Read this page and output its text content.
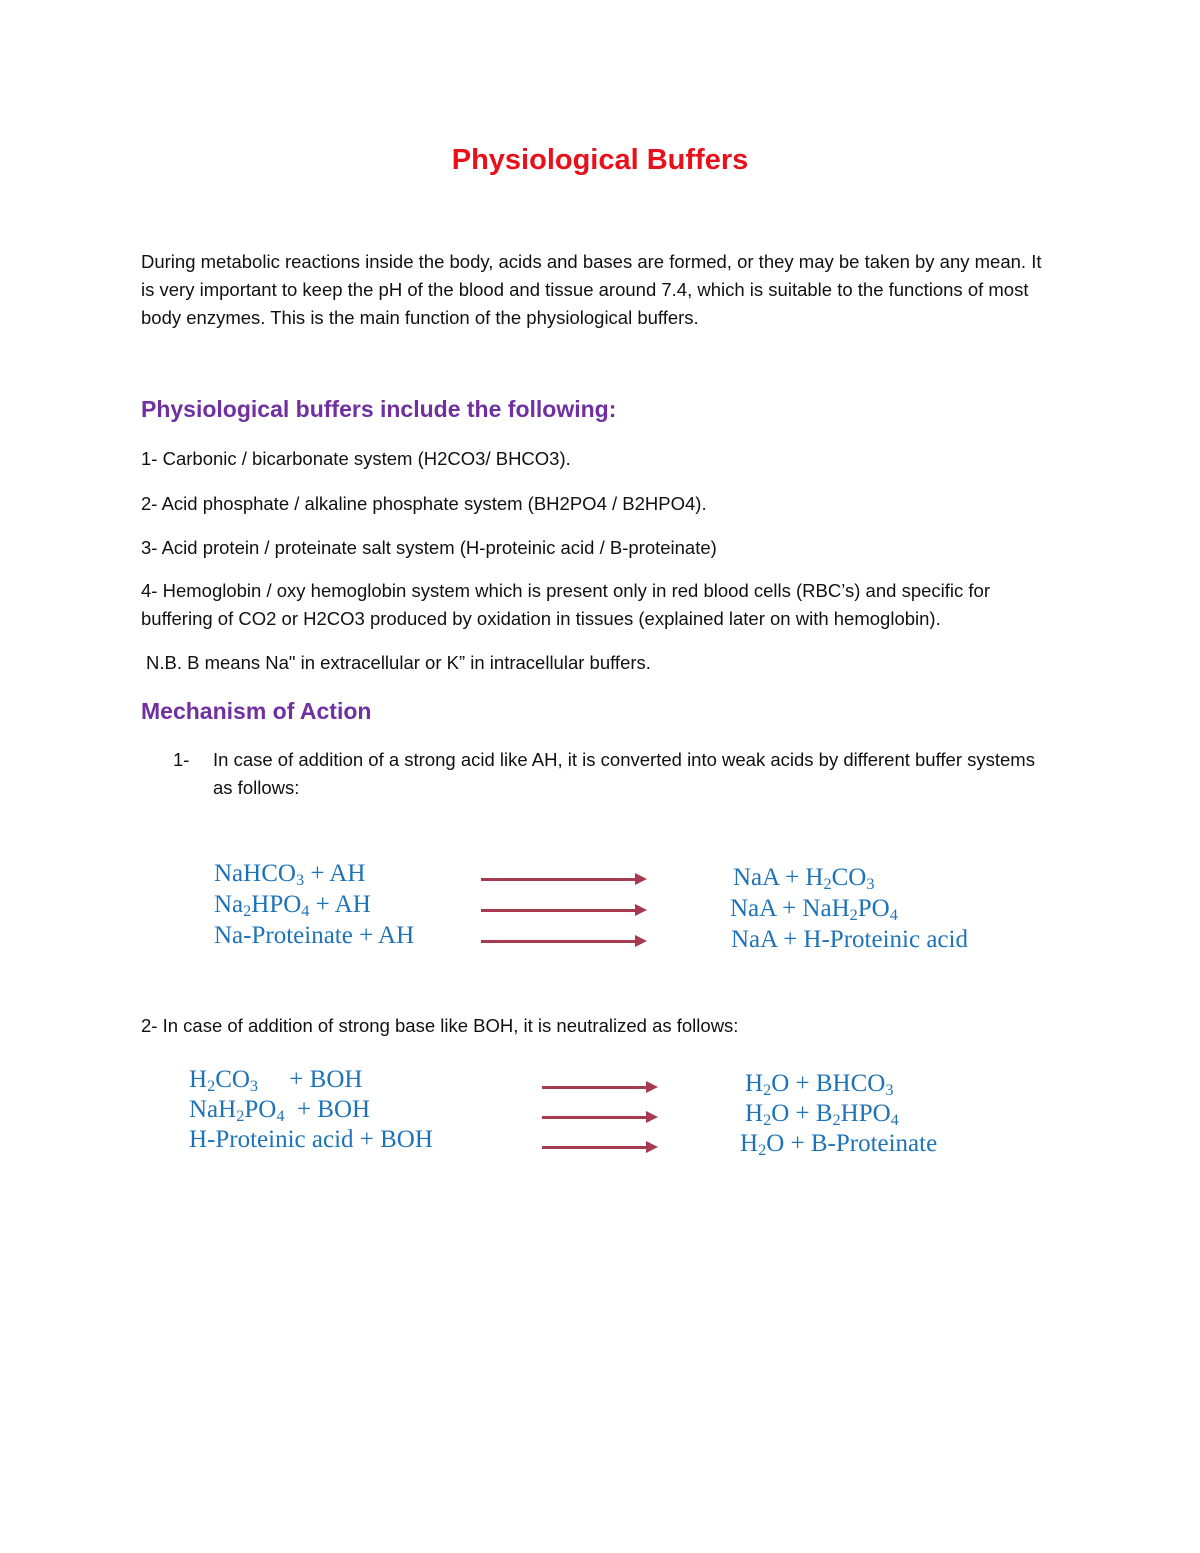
Physiological Buffers

During metabolic reactions inside the body, acids and bases are formed, or they may be taken by any mean. It is very important to keep the pH of the blood and tissue around 7.4, which is suitable to the functions of most body enzymes. This is the main function of the physiological buffers.

Physiological buffers include the following:
1- Carbonic / bicarbonate system (H2CO3/ BHCO3).
2- Acid phosphate / alkaline phosphate system (BH2PO4 / B2HPO4).
3- Acid protein / proteinate salt system (H-proteinic acid / B-proteinate)
4- Hemoglobin / oxy hemoglobin system which is present only in red blood cells (RBC’s) and specific for buffering of CO2 or H2CO3 produced by oxidation in tissues (explained later on with hemoglobin).
N.B. B means Na" in extracellular or K” in intracellular buffers.
Mechanism of Action
1- In case of addition of a strong acid like AH, it is converted into weak acids by different buffer systems as follows:
NaHCO$_3$ + AH	NaA + $H_2CO_3$
$Na_2HPO_4$ + AH	NaA + $NaH_2PO_4$
Na-Proteinate + AH	NaA + H-Proteinic acid
2- In case of addition of strong base like BOH, it is neutralized as follows:
$H_2CO_3$     + BOH	$H_2O$ + $BHCO_3$
$NaH_2PO_4$  + BOH	$H_2O + B_2HPO_4$
H-Proteinic acid + BOH	$H_2O$ + B-Proteinate
